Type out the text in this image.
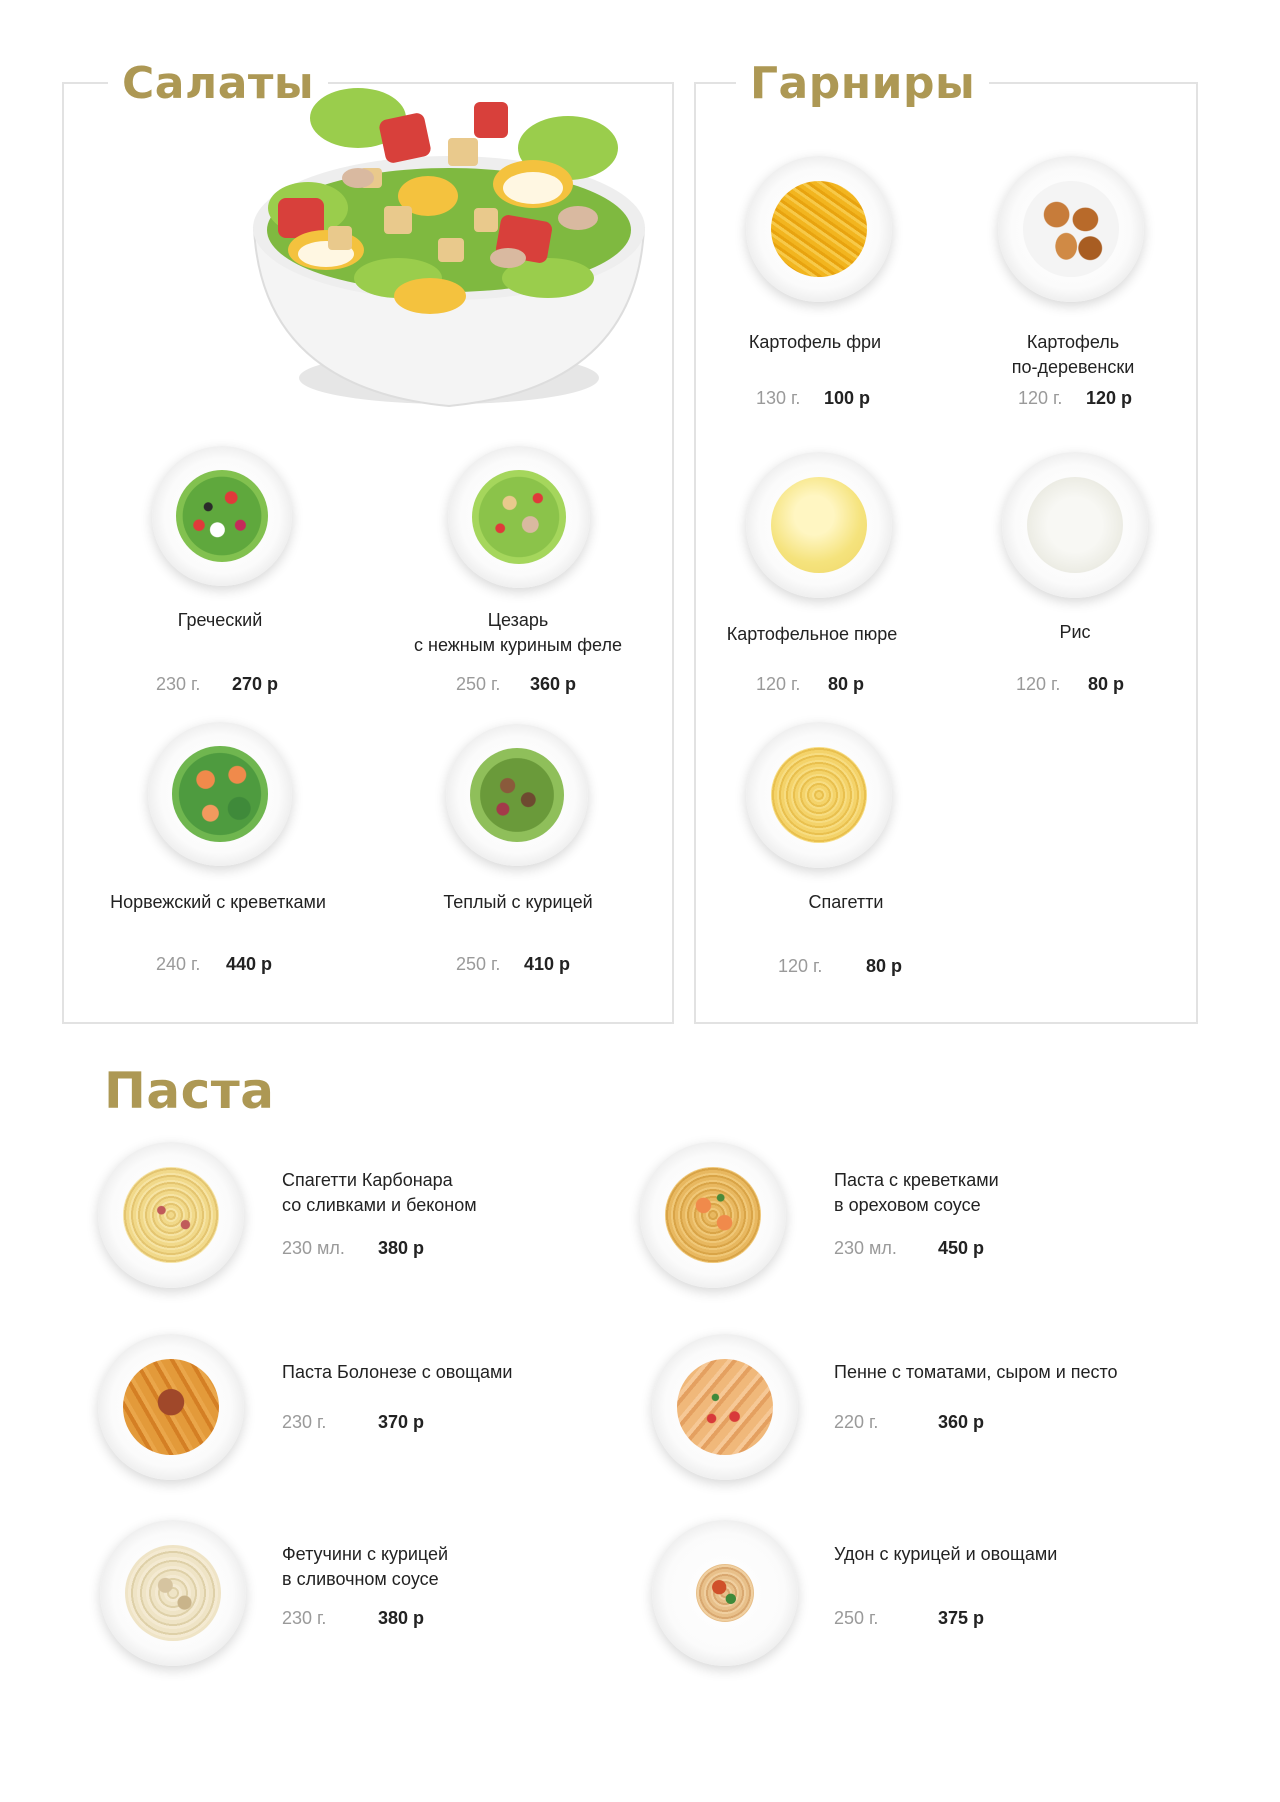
Салаты
Греческий
230 г. 270 р
Цезарь
с нежным куриным феле
250 г. 360 р
Норвежский с креветками
240 г. 440 р
Теплый с курицей
250 г. 410 р
Гарниры
Картофель фри
130 г. 100 р
Картофель
по-деревенски
120 г. 120 р
Картофельное пюре
120 г. 80 р
Рис
120 г. 80 р
Спагетти
120 г. 80 р
Паста
Спагетти Карбонара
со сливками и беконом
230 мл. 380 р
Паста с креветками
в ореховом соусе
230 мл. 450 р
Паста Болонезе с овощами
230 г.	370 р
Пенне с томатами, сыром и песто
220 г.	360 р
Фетучини с курицей
в сливочном соусе
230 г.	380 р
Удон с курицей и овощами
250 г.	375 р
